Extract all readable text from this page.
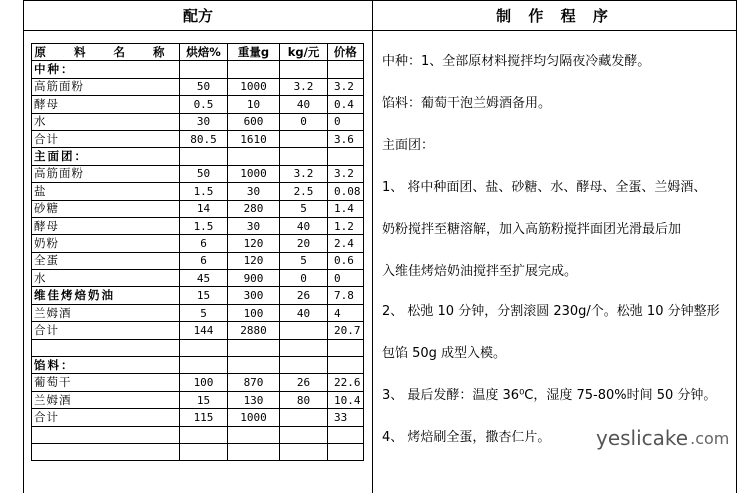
配方	制 作 程 序
原 料 名 称	烘焙%	重量g	kg/元	价格
中种：				
高筋面粉	50	1000	3.2	3.2
酵母	0.5	10	40	0.4
水	30	600	0	0
合计	80.5	1610		3.6
主面团：				
高筋面粉	50	1000	3.2	3.2
盐	1.5	30	2.5	0.08
砂糖	14	280	5	1.4
酵母	1.5	30	40	1.2
奶粉	6	120	20	2.4
全蛋	6	120	5	0.6
水	45	900	0	0
维佳烤焙奶油	15	300	26	7.8
兰姆酒	5	100	40	4
合计	144	2880		20.7

馅料：				
葡萄干	100	870	26	22.6
兰姆酒	15	130	80	10.4
合计	115	1000		33

中种：1、全部原材料搅拌均匀隔夜冷藏发酵。

馅料：葡萄干泡兰姆酒备用。

主面团：

1、 将中种面团、盐、砂糖、水、酵母、全蛋、兰姆酒、

奶粉搅拌至糖溶解，加入高筋粉搅拌面团光滑最后加

入维佳烤焙奶油搅拌至扩展完成。

2、 松弛 10 分钟，分割滚圆 230g/个。松弛 10 分钟整形

包馅 50g 成型入模。

3、 最后发酵：温度 36⁰C，湿度 75-80%时间 50 分钟。

4、 烤焙刷全蛋，撒杏仁片。 yeslicake .com
